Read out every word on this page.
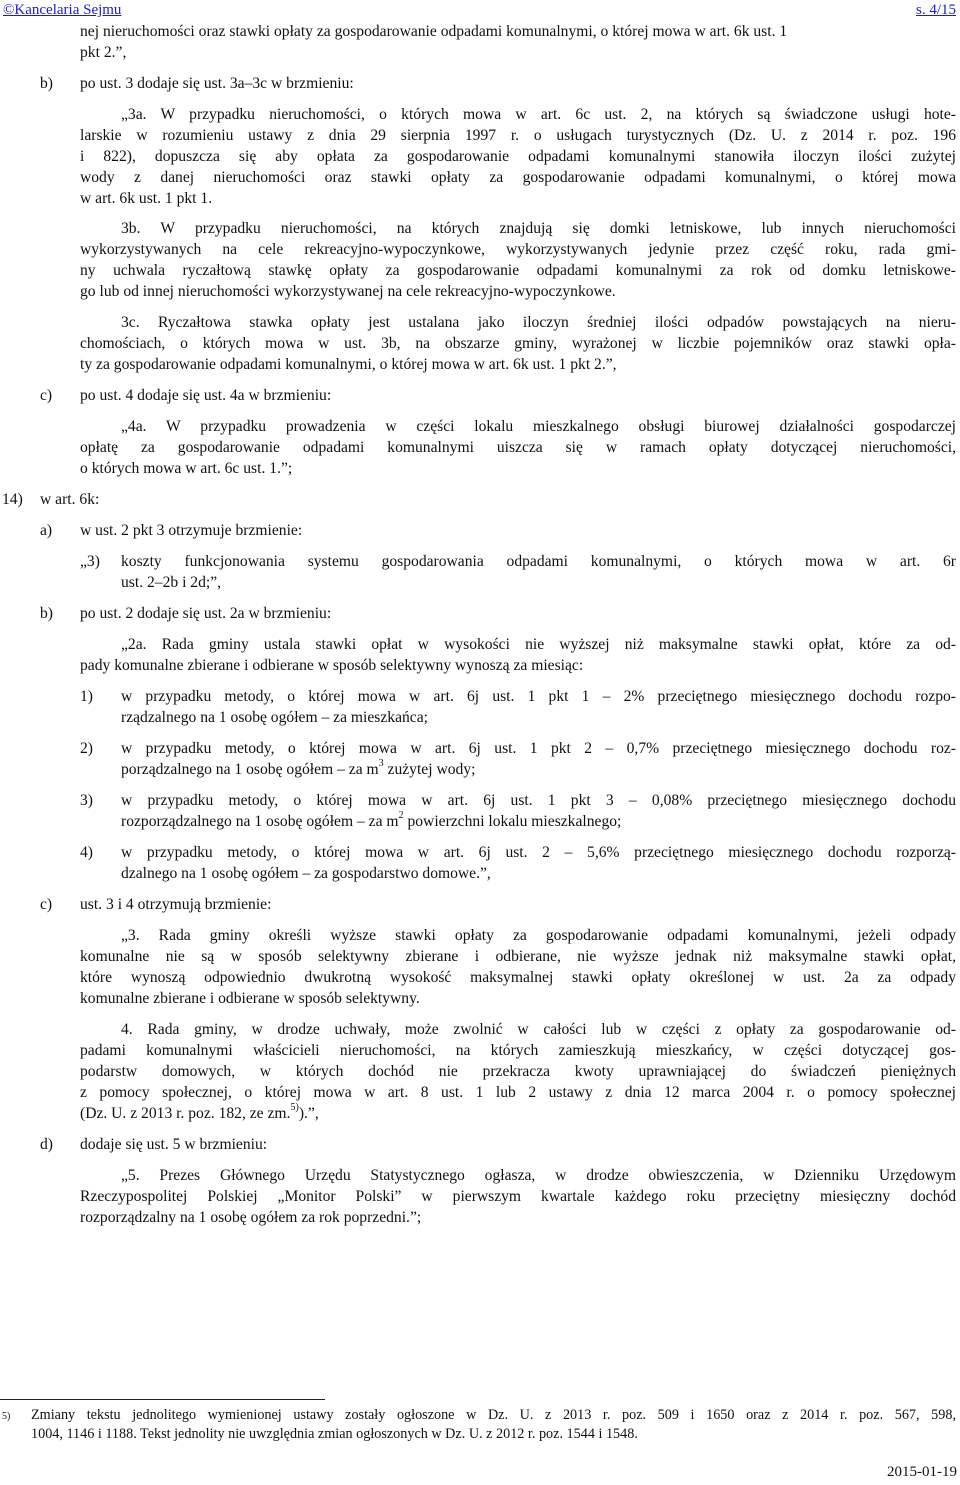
©Kancelaria Sejmu	s. 4/15
nej nieruchomości oraz stawki opłaty za gospodarowanie odpadami komunalnymi, o której mowa w art. 6k ust. 1
pkt 2.”,
b) po ust. 3 dodaje się ust. 3a–3c w brzmieniu:
„3a. W przypadku nieruchomości, o których mowa w art. 6c ust. 2, na których są świadczone usługi hote-
larskie w rozumieniu ustawy z dnia 29 sierpnia 1997 r. o usługach turystycznych (Dz. U. z 2014 r. poz. 196
i 822), dopuszcza się aby opłata za gospodarowanie odpadami komunalnymi stanowiła iloczyn ilości zużytej
wody z danej nieruchomości oraz stawki opłaty za gospodarowanie odpadami komunalnymi, o której mowa
w art. 6k ust. 1 pkt 1.
3b. W przypadku nieruchomości, na których znajdują się domki letniskowe, lub innych nieruchomości
wykorzystywanych na cele rekreacyjno-wypoczynkowe, wykorzystywanych jedynie przez część roku, rada gmi-
ny uchwala ryczałtową stawkę opłaty za gospodarowanie odpadami komunalnymi za rok od domku letniskowe-
go lub od innej nieruchomości wykorzystywanej na cele rekreacyjno-wypoczynkowe.
3c. Ryczałtowa stawka opłaty jest ustalana jako iloczyn średniej ilości odpadów powstających na nieru-
chomościach, o których mowa w ust. 3b, na obszarze gminy, wyrażonej w liczbie pojemników oraz stawki opła-
ty za gospodarowanie odpadami komunalnymi, o której mowa w art. 6k ust. 1 pkt 2.”,
c) po ust. 4 dodaje się ust. 4a w brzmieniu:
„4a. W przypadku prowadzenia w części lokalu mieszkalnego obsługi biurowej działalności gospodarczej
opłatę za gospodarowanie odpadami komunalnymi uiszcza się w ramach opłaty dotyczącej nieruchomości,
o których mowa w art. 6c ust. 1.”;
14) w art. 6k:
a) w ust. 2 pkt 3 otrzymuje brzmienie:
„3) koszty funkcjonowania systemu gospodarowania odpadami komunalnymi, o których mowa w art. 6r
ust. 2–2b i 2d;”,
b) po ust. 2 dodaje się ust. 2a w brzmieniu:
„2a. Rada gminy ustala stawki opłat w wysokości nie wyższej niż maksymalne stawki opłat, które za od-
pady komunalne zbierane i odbierane w sposób selektywny wynoszą za miesiąc:
1) w przypadku metody, o której mowa w art. 6j ust. 1 pkt 1 – 2% przeciętnego miesięcznego dochodu rozpo-
rządzalnego na 1 osobę ogółem – za mieszkańca;
2) w przypadku metody, o której mowa w art. 6j ust. 1 pkt 2 – 0,7% przeciętnego miesięcznego dochodu roz-
porządzalnego na 1 osobę ogółem – za $m^3$ zużytej wody;
3) w przypadku metody, o której mowa w art. 6j ust. 1 pkt 3 – 0,08% przeciętnego miesięcznego dochodu
rozporządzalnego na 1 osobę ogółem – za $m^2$ powierzchni lokalu mieszkalnego;
4) w przypadku metody, o której mowa w art. 6j ust. 2 – 5,6% przeciętnego miesięcznego dochodu rozporzą-
dzalnego na 1 osobę ogółem – za gospodarstwo domowe.”,
c) ust. 3 i 4 otrzymują brzmienie:
„3. Rada gminy określi wyższe stawki opłaty za gospodarowanie odpadami komunalnymi, jeżeli odpady
komunalne nie są w sposób selektywny zbierane i odbierane, nie wyższe jednak niż maksymalne stawki opłat,
które wynoszą odpowiednio dwukrotną wysokość maksymalnej stawki opłaty określonej w ust. 2a za odpady
komunalne zbierane i odbierane w sposób selektywny.
4. Rada gminy, w drodze uchwały, może zwolnić w całości lub w części z opłaty za gospodarowanie od-
padami komunalnymi właścicieli nieruchomości, na których zamieszkują mieszkańcy, w części dotyczącej gos-
podarstw domowych, w których dochód nie przekracza kwoty uprawniającej do świadczeń pieniężnych
z pomocy społecznej, o której mowa w art. 8 ust. 1 lub 2 ustawy z dnia 12 marca 2004 r. o pomocy społecznej
(Dz. U. z 2013 r. poz. 182, ze zm.$^{5)}$).”,
d) dodaje się ust. 5 w brzmieniu:
„5. Prezes Głównego Urzędu Statystycznego ogłasza, w drodze obwieszczenia, w Dzienniku Urzędowym
Rzeczypospolitej Polskiej „Monitor Polski” w pierwszym kwartale każdego roku przeciętny miesięczny dochód
rozporządzalny na 1 osobę ogółem za rok poprzedni.”;
5) Zmiany tekstu jednolitego wymienionej ustawy zostały ogłoszone w Dz. U. z 2013 r. poz. 509 i 1650 oraz z 2014 r. poz. 567, 598,
1004, 1146 i 1188. Tekst jednolity nie uwzględnia zmian ogłoszonych w Dz. U. z 2012 r. poz. 1544 i 1548.
2015-01-19
